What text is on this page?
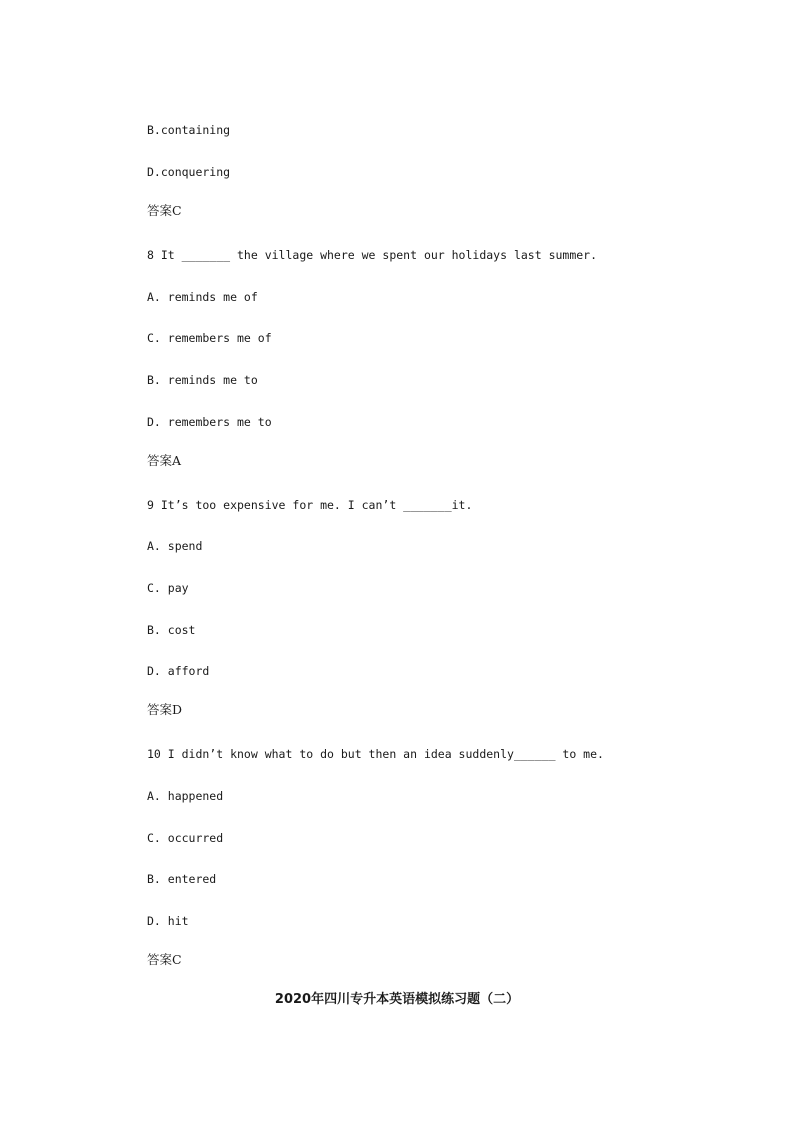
B.containing
D.conquering
答案C
8 It _______ the village where we spent our holidays last summer.
A. reminds me of
C. remembers me of
B. reminds me to
D. remembers me to
答案A
9 It’s too expensive for me. I can’t _______it.
A. spend
C. pay
B. cost
D. afford
答案D
10 I didn’t know what to do but then an idea suddenly______ to me.
A. happened
C. occurred
B. entered
D. hit
答案C
2020年四川专升本英语模拟练习题（二）
